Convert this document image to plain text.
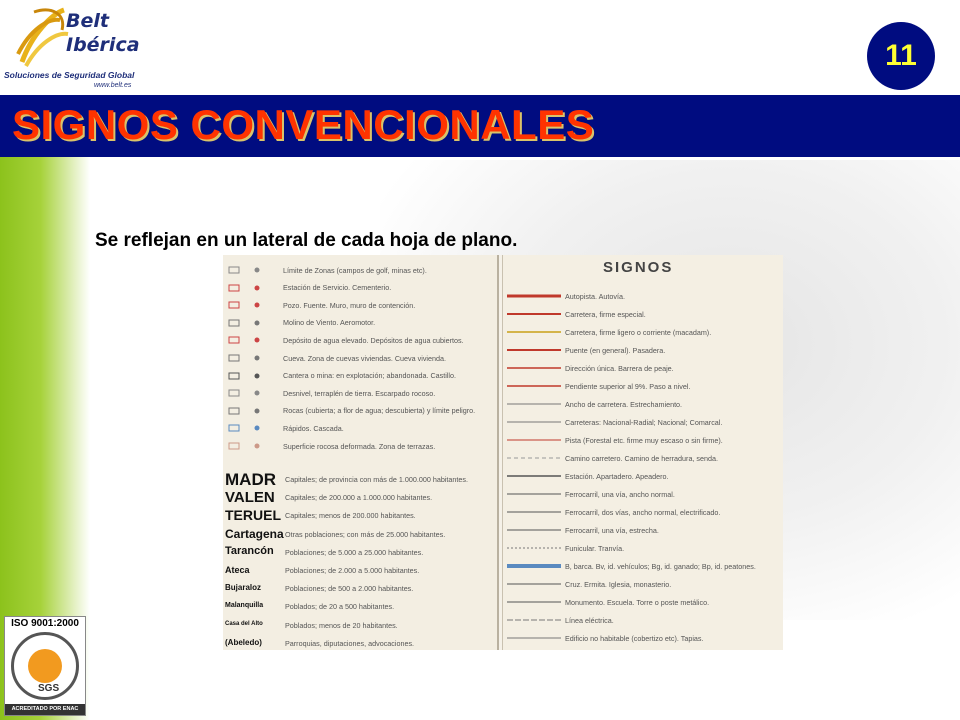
Belt
Ibérica
Soluciones de Seguridad Global
www.belt.es
11
SIGNOS CONVENCIONALES
Se reflejan en un lateral de cada hoja de plano.
Límite de Zonas (campos de golf, minas etc).
Estación de Servicio. Cementerio.
Pozo. Fuente. Muro, muro de contención.
Molino de Viento. Aeromotor.
Depósito de agua elevado. Depósitos de agua cubiertos.
Cueva. Zona de cuevas viviendas. Cueva vivienda.
Cantera o mina: en explotación; abandonada. Castillo.
Desnivel, terraplén de tierra. Escarpado rocoso.
Rocas (cubierta; a flor de agua; descubierta) y límite peligro.
Rápidos. Cascada.
Superficie rocosa deformada. Zona de terrazas.
MADR Capitales; de provincia con más de 1.000.000 habitantes.
VALEN Capitales; de 200.000 a 1.000.000 habitantes.
TERUEL Capitales; menos de 200.000 habitantes.
Cartagena Otras poblaciones; con más de 25.000 habitantes.
Tarancón Poblaciones; de 5.000 a 25.000 habitantes.
Ateca	Poblaciones; de 2.000 a 5.000 habitantes.
Bujaraloz	Poblaciones; de 500 a 2.000 habitantes.
Malanquilla	Poblados; de 20 a 500 habitantes.
Casa del Alto	Poblados; menos de 20 habitantes.
(Abeledo)	Parroquias, diputaciones, advocaciones.
SIGNOS
Autopista. Autovía.
Carretera, firme especial.
Carretera, firme ligero o corriente (macadam).
Puente (en general). Pasadera.
Dirección única. Barrera de peaje.
Pendiente superior al 9%. Paso a nivel.
Ancho de carretera. Estrechamiento.
Carreteras: Nacional-Radial; Nacional; Comarcal.
Pista (Forestal etc. firme muy escaso o sin firme).
Camino carretero. Camino de herradura, senda.
Estación. Apartadero. Apeadero.
Ferrocarril, una vía, ancho normal.
Ferrocarril, dos vías, ancho normal, electrificado.
Ferrocarril, una vía, estrecha.
Funicular. Tranvía.
B, barca. Bv, id. vehículos; Bg, id. ganado; Bp, id. peatones.
Cruz. Ermita. Iglesia, monasterio.
Monumento. Escuela. Torre o poste metálico.
Línea eléctrica.
Edificio no habitable (cobertizo etc). Tapias.
ISO 9001:2000
SGS
ACREDITADO POR ENAC
